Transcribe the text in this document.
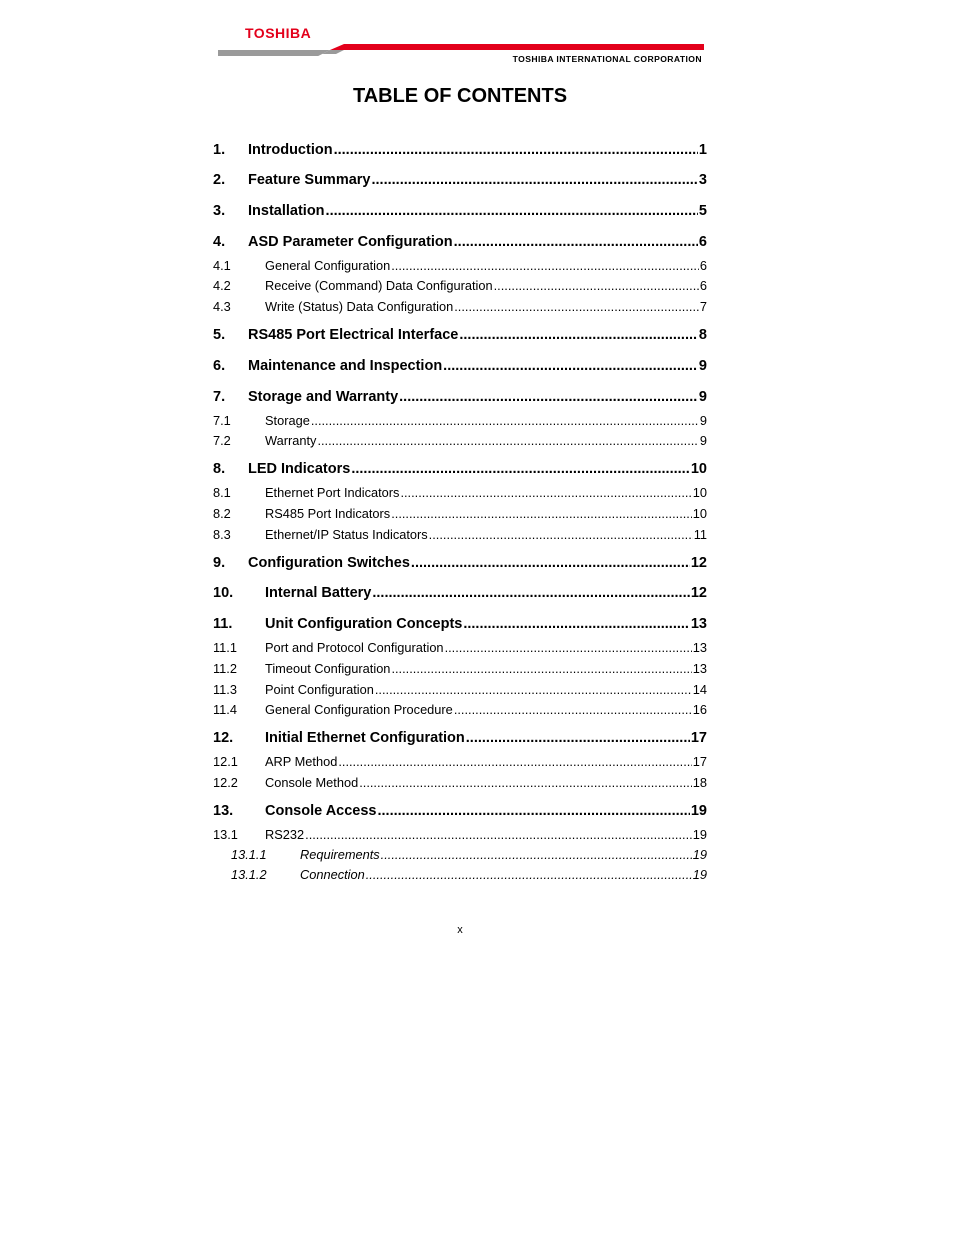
TOSHIBA
TOSHIBA INTERNATIONAL CORPORATION
TABLE OF CONTENTS
1.	Introduction .....	1
2.	Feature Summary .....	3
3.	Installation .....	5
4.	ASD Parameter Configuration .....	6
4.1	General Configuration .....	6
4.2	Receive (Command) Data Configuration .....	6
4.3	Write (Status) Data Configuration .....	7
5.	RS485 Port Electrical Interface .....	8
6.	Maintenance and Inspection .....	9
7.	Storage and Warranty .....	9
7.1	Storage .....	9
7.2	Warranty .....	9
8.	LED Indicators .....	10
8.1	Ethernet Port Indicators .....	10
8.2	RS485 Port Indicators .....	10
8.3	Ethernet/IP Status Indicators .....	11
9.	Configuration Switches .....	12
10.	Internal Battery .....	12
11.	Unit Configuration Concepts .....	13
11.1	Port and Protocol Configuration .....	13
11.2	Timeout Configuration .....	13
11.3	Point Configuration .....	14
11.4	General Configuration Procedure .....	16
12.	Initial Ethernet Configuration .....	17
12.1	ARP Method .....	17
12.2	Console Method .....	18
13.	Console Access .....	19
13.1	RS232 .....	19
13.1.1	Requirements .....	19
13.1.2	Connection .....	19
x
